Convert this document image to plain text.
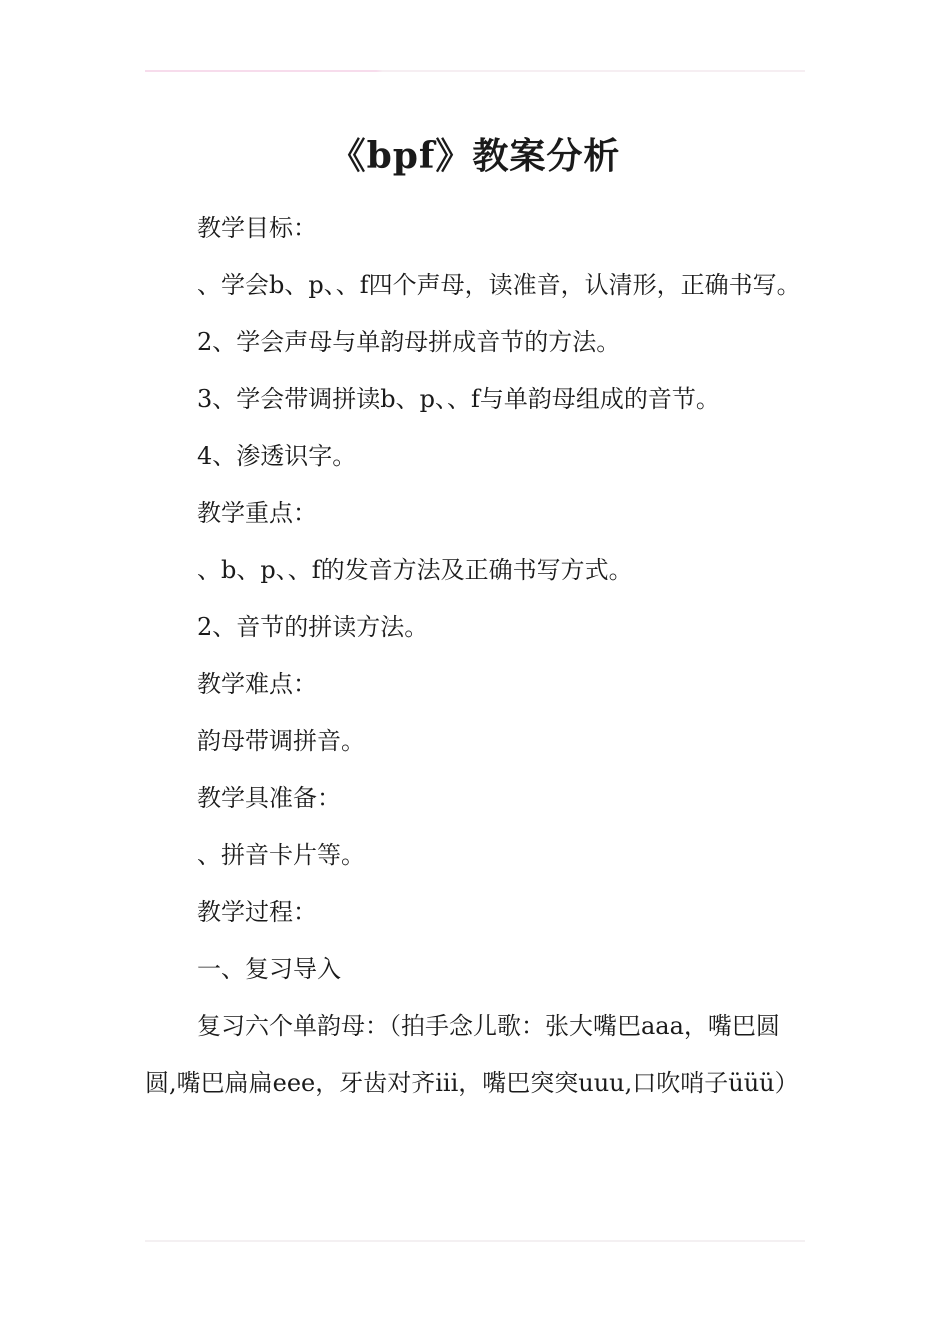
《bpf》教案分析

教学目标：

、学会b、p、、f四个声母，读准音，认清形，正确书写。

2、学会声母与单韵母拼成音节的方法。

3、学会带调拼读b、p、、f与单韵母组成的音节。

4、渗透识字。

教学重点：

、b、p、、f的发音方法及正确书写方式。

2、音节的拼读方法。

教学难点：

韵母带调拼音。

教学具准备：

、拼音卡片等。

教学过程：

一、复习导入

复习六个单韵母：（拍手念儿歌：张大嘴巴aaa，嘴巴圆圆,嘴巴扁扁eee，牙齿对齐iii，嘴巴突突uuu,口吹哨子üüü）
